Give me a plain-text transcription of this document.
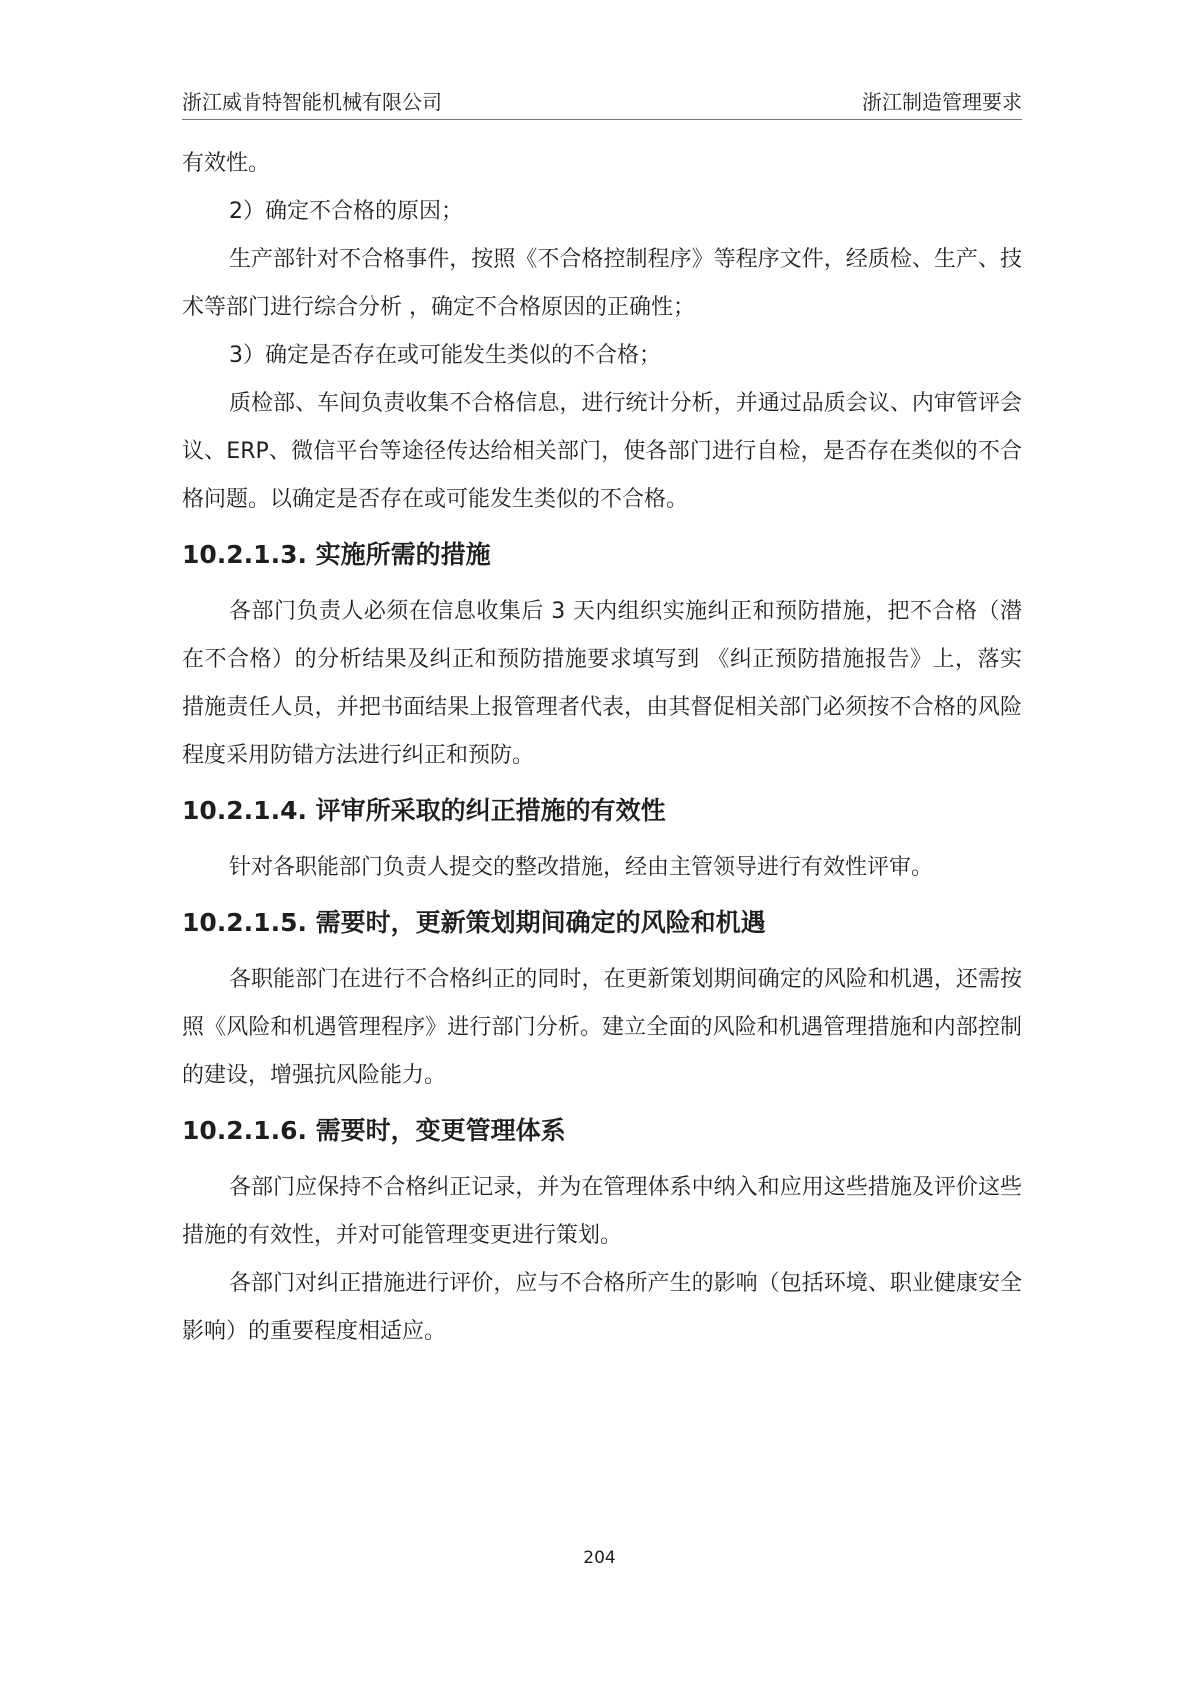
浙江威肯特智能机械有限公司	浙江制造管理要求

有效性。

2）确定不合格的原因；

生产部针对不合格事件，按照《不合格控制程序》等程序文件，经质检、生产、技术等部门进行综合分析 ，确定不合格原因的正确性；

3）确定是否存在或可能发生类似的不合格；

质检部、车间负责收集不合格信息，进行统计分析，并通过品质会议、内审管评会议、ERP、微信平台等途径传达给相关部门，使各部门进行自检，是否存在类似的不合格问题。以确定是否存在或可能发生类似的不合格。

10.2.1.3. 实施所需的措施

各部门负责人必须在信息收集后 3 天内组织实施纠正和预防措施，把不合格（潜在不合格）的分析结果及纠正和预防措施要求填写到 《纠正预防措施报告》上，落实措施责任人员，并把书面结果上报管理者代表，由其督促相关部门必须按不合格的风险程度采用防错方法进行纠正和预防。

10.2.1.4. 评审所采取的纠正措施的有效性

针对各职能部门负责人提交的整改措施，经由主管领导进行有效性评审。

10.2.1.5. 需要时，更新策划期间确定的风险和机遇

各职能部门在进行不合格纠正的同时，在更新策划期间确定的风险和机遇，还需按照《风险和机遇管理程序》进行部门分析。建立全面的风险和机遇管理措施和内部控制的建设，增强抗风险能力。

10.2.1.6. 需要时，变更管理体系

各部门应保持不合格纠正记录，并为在管理体系中纳入和应用这些措施及评价这些措施的有效性，并对可能管理变更进行策划。

各部门对纠正措施进行评价，应与不合格所产生的影响（包括环境、职业健康安全影响）的重要程度相适应。

204
